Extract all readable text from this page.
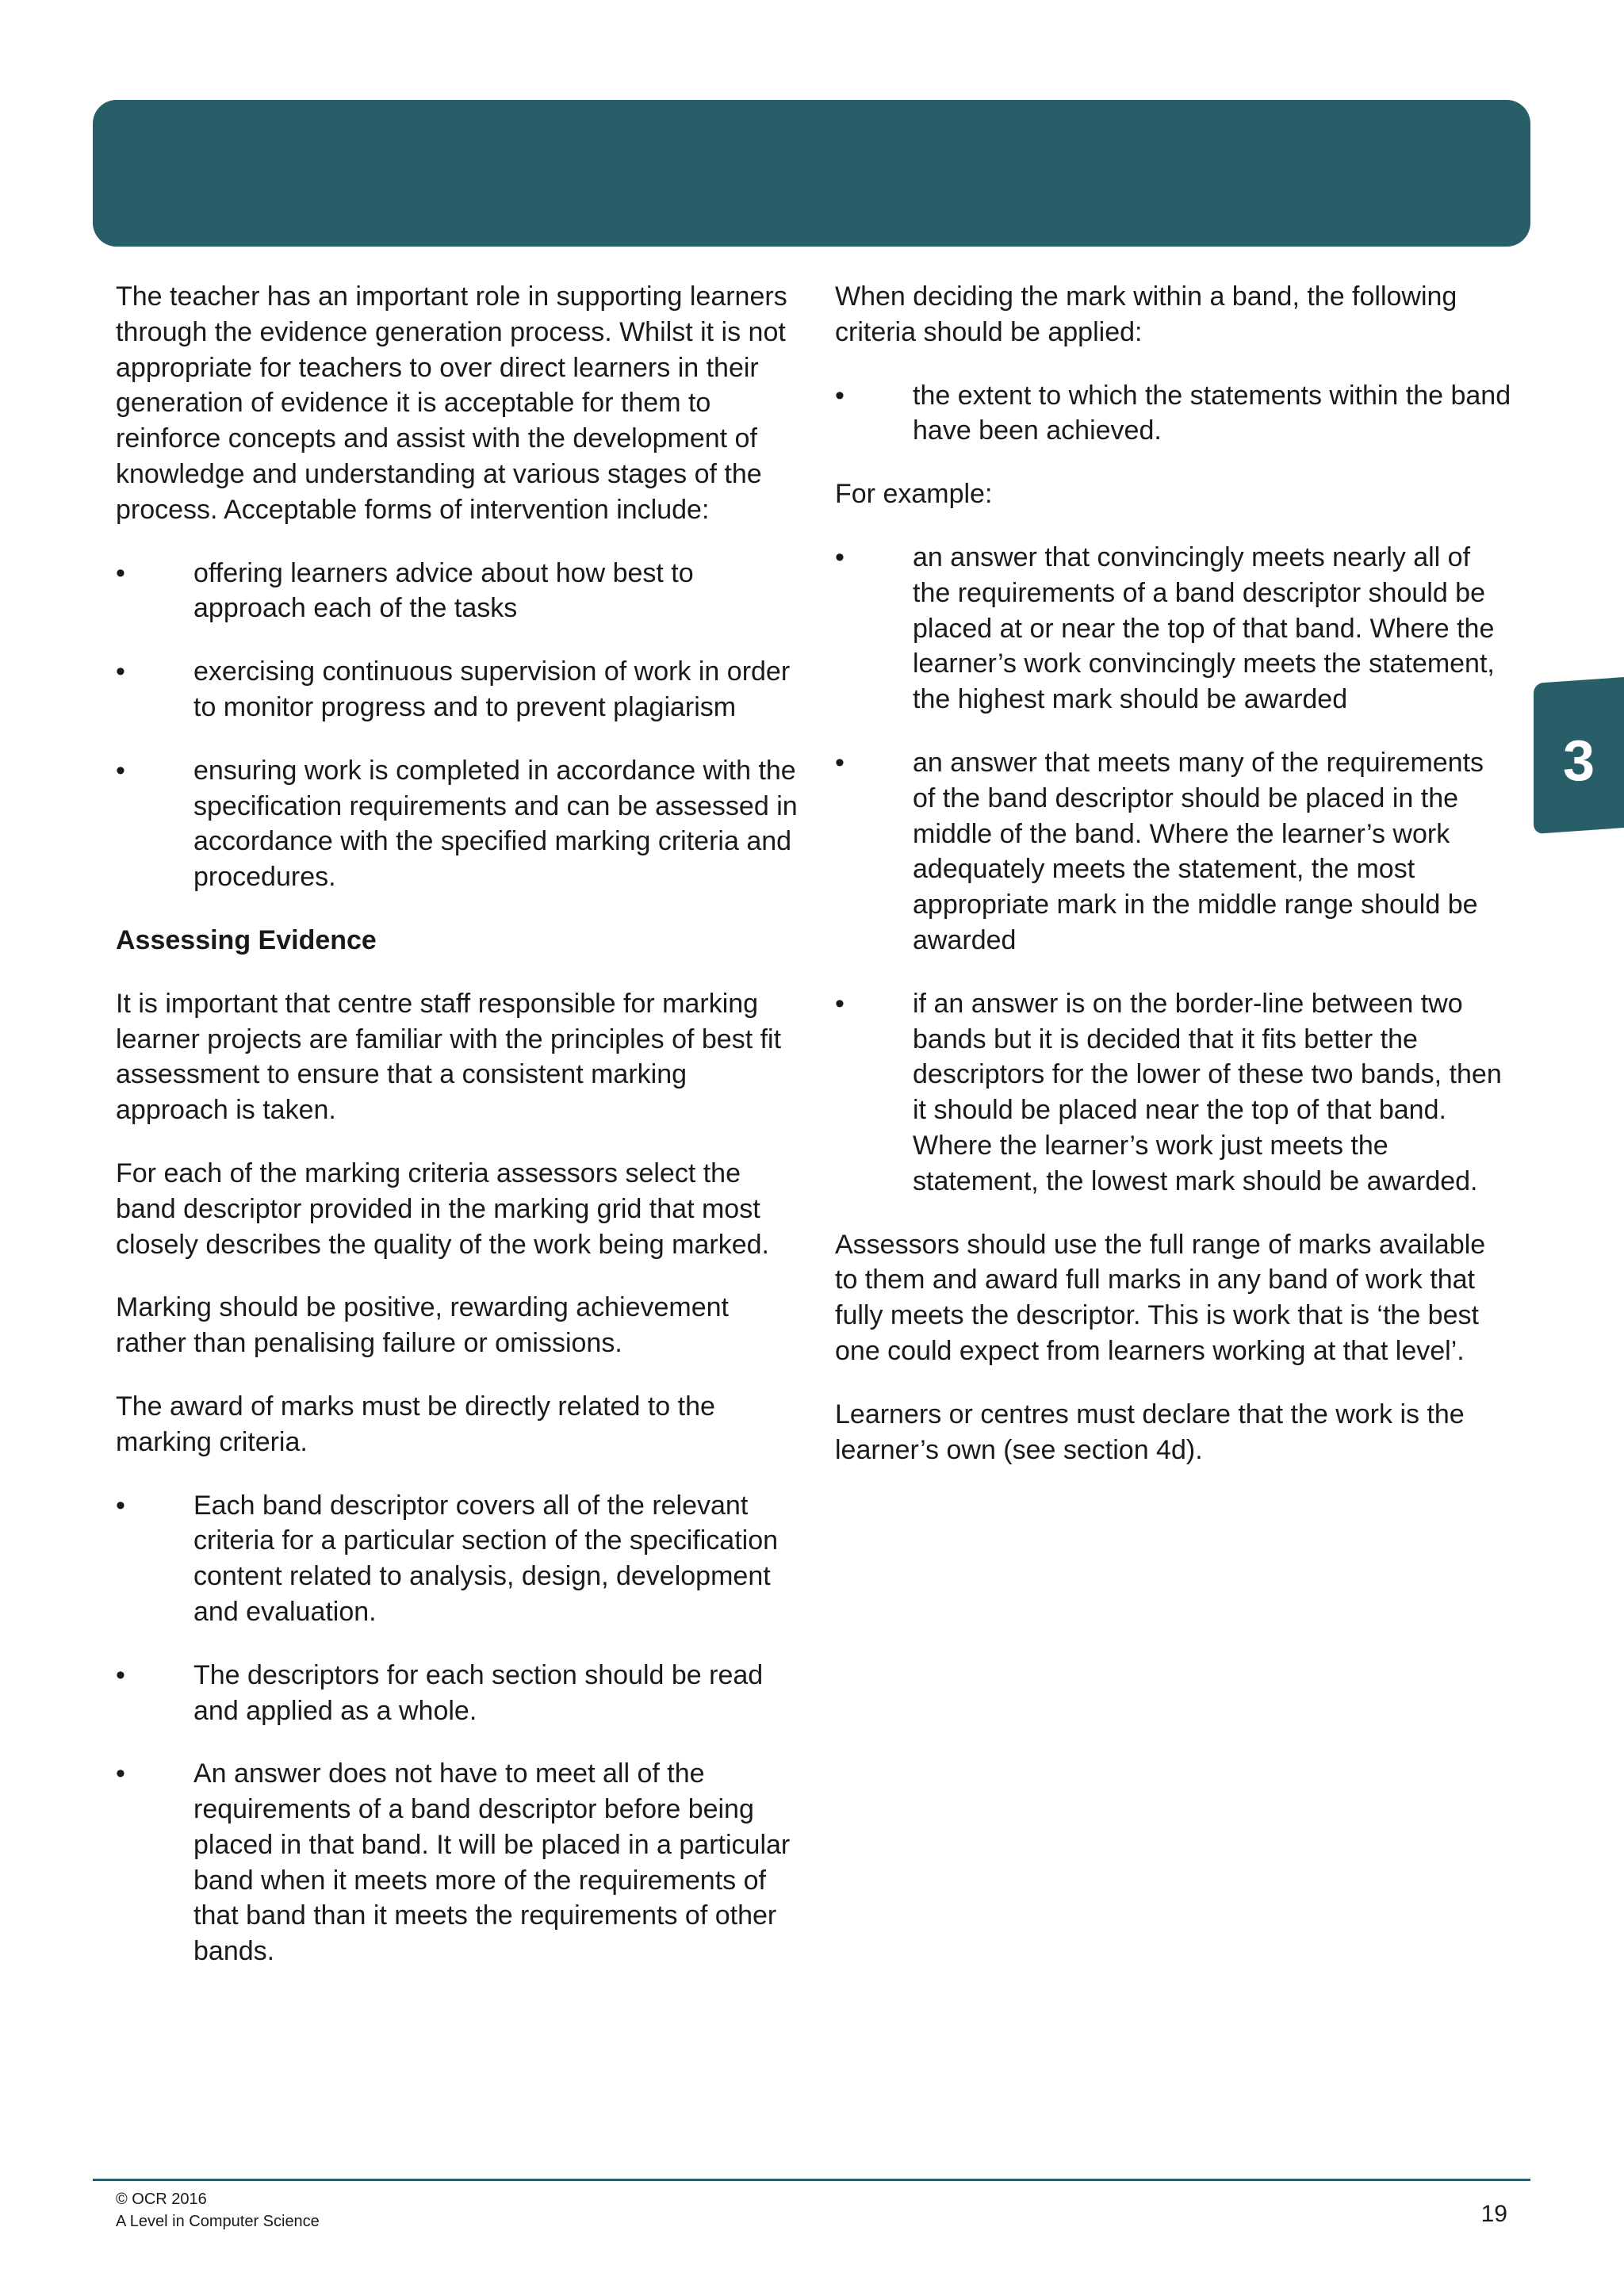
3

The teacher has an important role in supporting learners through the evidence generation process. Whilst it is not appropriate for teachers to over direct learners in their generation of evidence it is acceptable for them to reinforce concepts and assist with the development of knowledge and understanding at various stages of the process. Acceptable forms of intervention include:

•	offering learners advice about how best to approach each of the tasks
•	exercising continuous supervision of work in order to monitor progress and to prevent plagiarism
•	ensuring work is completed in accordance with the specification requirements and can be assessed in accordance with the specified marking criteria and procedures.

Assessing Evidence

It is important that centre staff responsible for marking learner projects are familiar with the principles of best fit assessment to ensure that a consistent marking approach is taken.

For each of the marking criteria assessors select the band descriptor provided in the marking grid that most closely describes the quality of the work being marked.

Marking should be positive, rewarding achievement rather than penalising failure or omissions.

The award of marks must be directly related to the marking criteria.

•	Each band descriptor covers all of the relevant criteria for a particular section of the specification content related to analysis, design, development and evaluation.
•	The descriptors for each section should be read and applied as a whole.
•	An answer does not have to meet all of the requirements of a band descriptor before being placed in that band. It will be placed in a particular band when it meets more of the requirements of that band than it meets the requirements of other bands.

When deciding the mark within a band, the following criteria should be applied:

•	the extent to which the statements within the band have been achieved.

For example:

•	an answer that convincingly meets nearly all of the requirements of a band descriptor should be placed at or near the top of that band. Where the learner’s work convincingly meets the statement, the highest mark should be awarded
•	an answer that meets many of the requirements of the band descriptor should be placed in the middle of the band. Where the learner’s work adequately meets the statement, the most appropriate mark in the middle range should be awarded
•	if an answer is on the border-line between two bands but it is decided that it fits better the descriptors for the lower of these two bands, then it should be placed near the top of that band. Where the learner’s work just meets the statement, the lowest mark should be awarded.

Assessors should use the full range of marks available to them and award full marks in any band of work that fully meets the descriptor. This is work that is ‘the best one could expect from learners working at that level’.

Learners or centres must declare that the work is the learner’s own (see section 4d).

© OCR 2016
A Level in Computer Science	19
